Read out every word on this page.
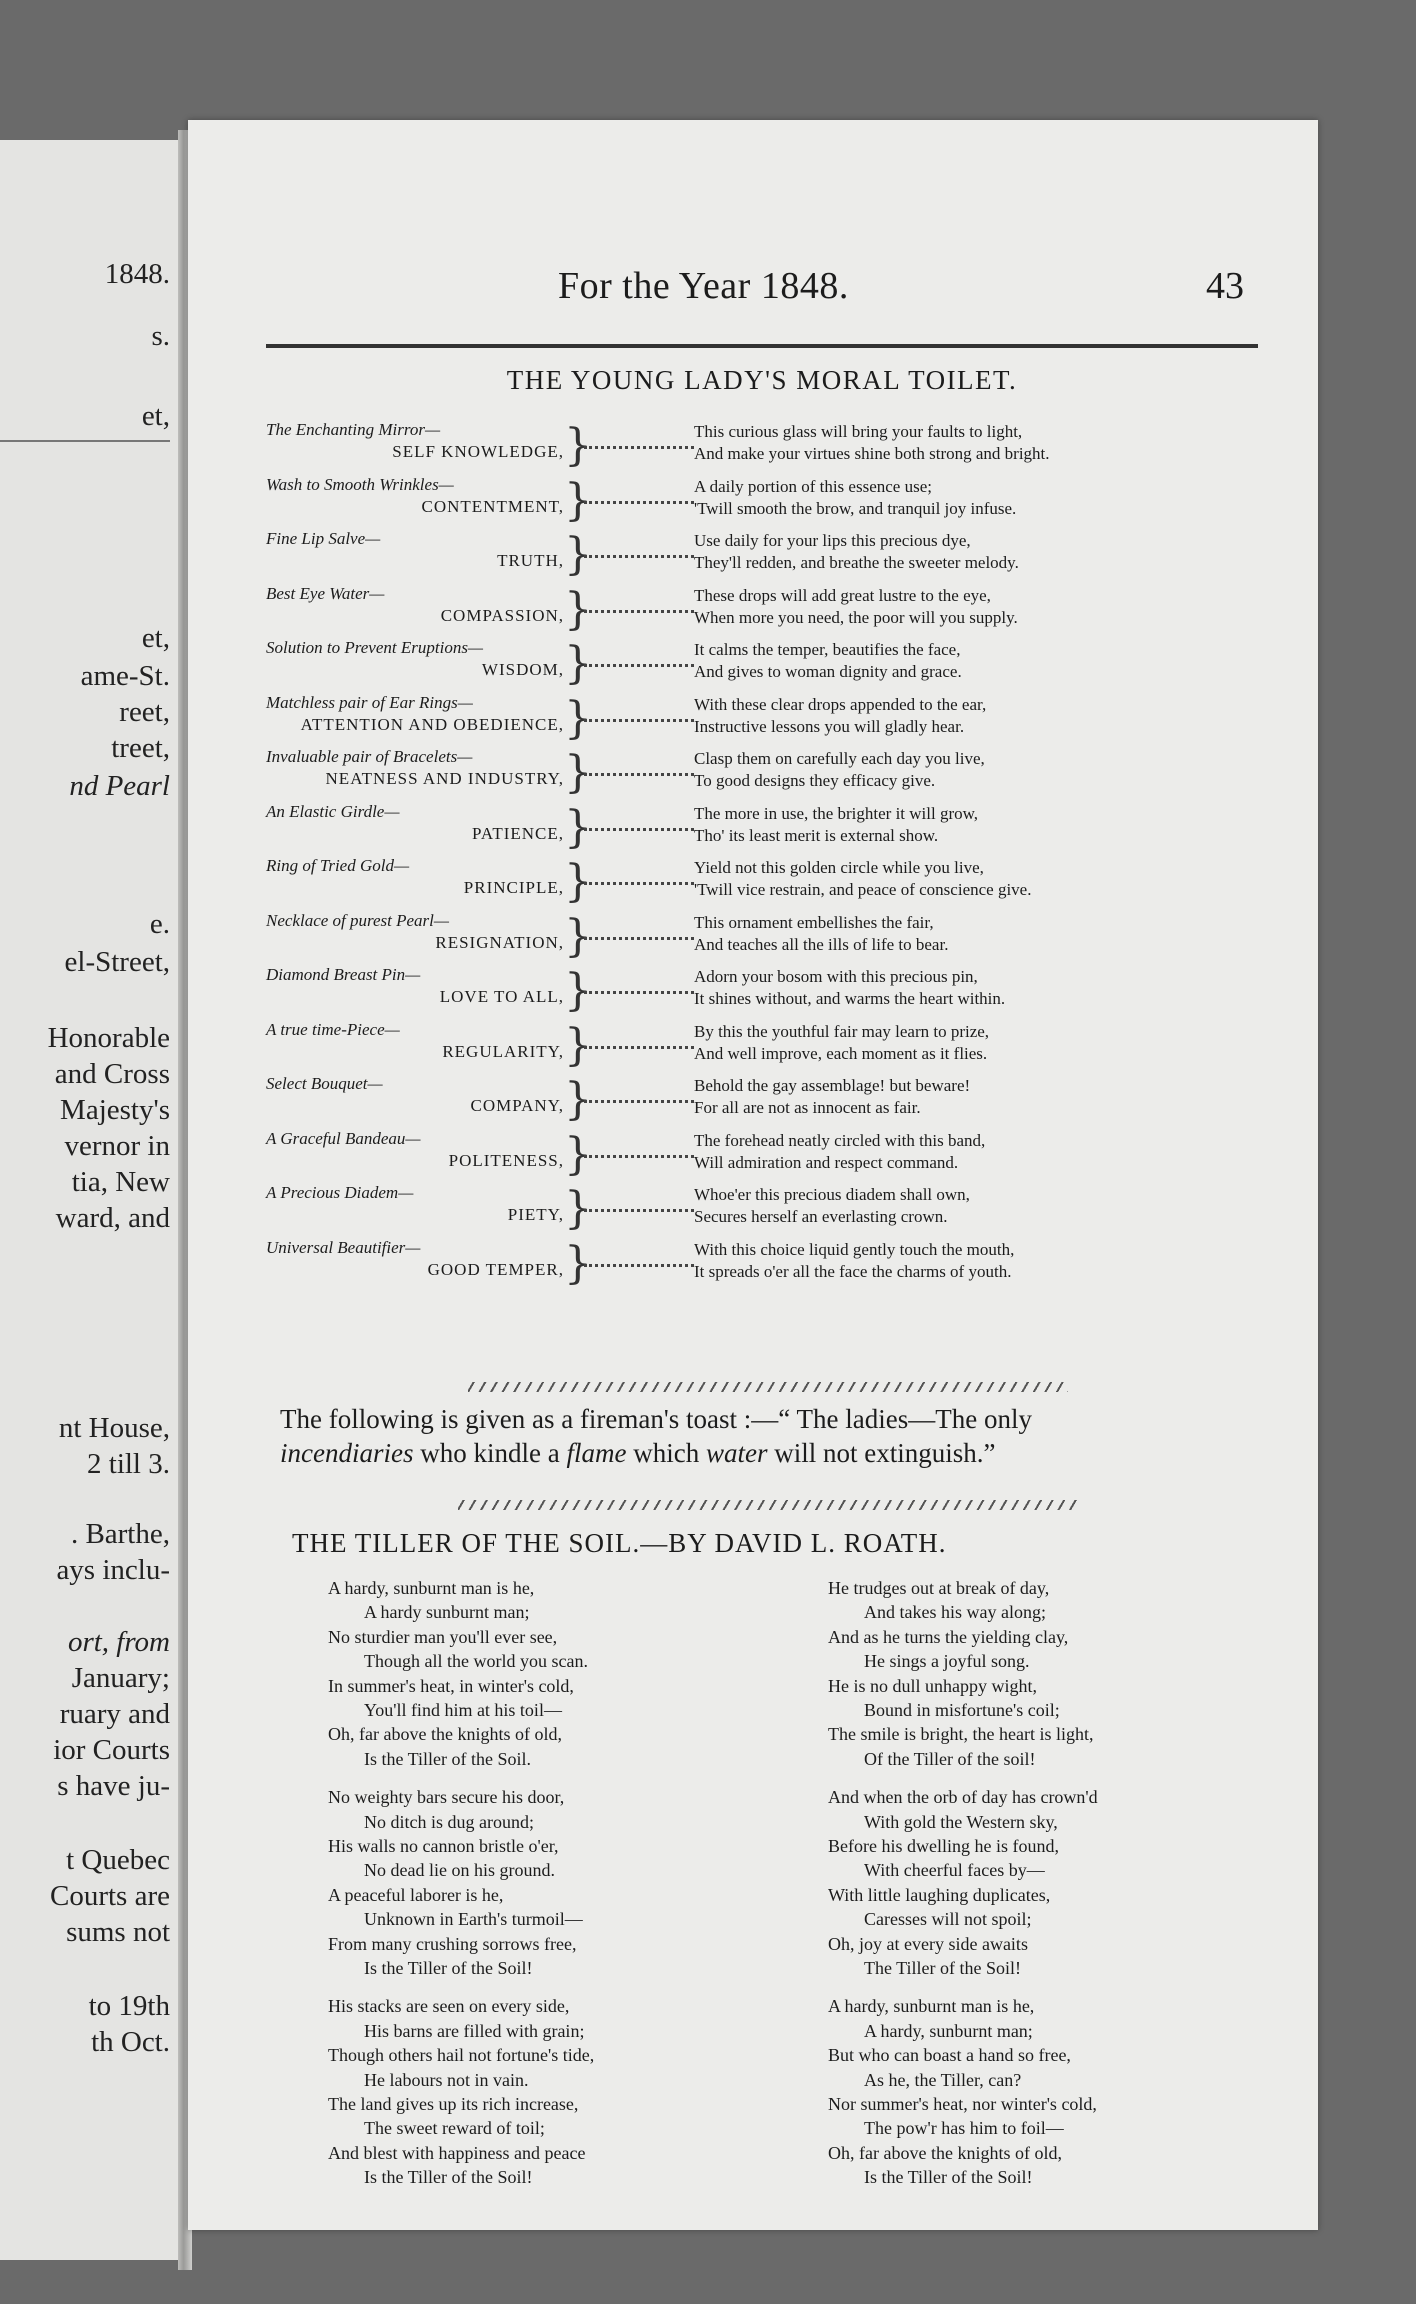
1848.
s.
et,
et,
ame-St.
reet,
treet,
nd Pearl
e.
el-Street,
Honorable
and Cross
Majesty's
vernor in
tia, New
ward, and
nt House,
2 till 3.
. Barthe,
ays inclu-
ort, from
January;
ruary and
ior Courts
s have ju-
t Quebec
Courts are
sums not
to 19th
th Oct.
For the Year 1848.	43
THE YOUNG LADY'S MORAL TOILET.
The Enchanting Mirror—
SELF KNOWLEDGE,
This curious glass will bring your faults to light,
And make your virtues shine both strong and bright.
}
Wash to Smooth Wrinkles—
CONTENTMENT,
A daily portion of this essence use;
'Twill smooth the brow, and tranquil joy infuse.
}
Fine Lip Salve—
TRUTH,
Use daily for your lips this precious dye,
They'll redden, and breathe the sweeter melody.
}
Best Eye Water—
COMPASSION,
These drops will add great lustre to the eye,
When more you need, the poor will you supply.
}
Solution to Prevent Eruptions—
WISDOM,
It calms the temper, beautifies the face,
And gives to woman dignity and grace.
}
Matchless pair of Ear Rings—
ATTENTION AND OBEDIENCE,
With these clear drops appended to the ear,
Instructive lessons you will gladly hear.
}
Invaluable pair of Bracelets—
NEATNESS AND INDUSTRY,
Clasp them on carefully each day you live,
To good designs they efficacy give.
}
An Elastic Girdle—
PATIENCE,
The more in use, the brighter it will grow,
Tho' its least merit is external show.
}
Ring of Tried Gold—
PRINCIPLE,
Yield not this golden circle while you live,
'Twill vice restrain, and peace of conscience give.
}
Necklace of purest Pearl—
RESIGNATION,
This ornament embellishes the fair,
And teaches all the ills of life to bear.
}
Diamond Breast Pin—
LOVE TO ALL,
Adorn your bosom with this precious pin,
It shines without, and warms the heart within.
}
A true time-Piece—
REGULARITY,
By this the youthful fair may learn to prize,
And well improve, each moment as it flies.
}
Select Bouquet—
COMPANY,
Behold the gay assemblage! but beware!
For all are not as innocent as fair.
}
A Graceful Bandeau—
POLITENESS,
The forehead neatly circled with this band,
Will admiration and respect command.
}
A Precious Diadem—
PIETY,
Whoe'er this precious diadem shall own,
Secures herself an everlasting crown.
}
Universal Beautifier—
GOOD TEMPER,
With this choice liquid gently touch the mouth,
It spreads o'er all the face the charms of youth.
}
The following is given as a fireman's toast :—“ The ladies—The only
incendiaries who kindle a flame which water will not extinguish.”
THE TILLER OF THE SOIL.—BY DAVID L. ROATH.
A hardy, sunburnt man is he,
A hardy sunburnt man;
No sturdier man you'll ever see,
Though all the world you scan.
In summer's heat, in winter's cold,
You'll find him at his toil—
Oh, far above the knights of old,
Is the Tiller of the Soil.
No weighty bars secure his door,
No ditch is dug around;
His walls no cannon bristle o'er,
No dead lie on his ground.
A peaceful laborer is he,
Unknown in Earth's turmoil—
From many crushing sorrows free,
Is the Tiller of the Soil!
His stacks are seen on every side,
His barns are filled with grain;
Though others hail not fortune's tide,
He labours not in vain.
The land gives up its rich increase,
The sweet reward of toil;
And blest with happiness and peace
Is the Tiller of the Soil!
He trudges out at break of day,
And takes his way along;
And as he turns the yielding clay,
He sings a joyful song.
He is no dull unhappy wight,
Bound in misfortune's coil;
The smile is bright, the heart is light,
Of the Tiller of the soil!
And when the orb of day has crown'd
With gold the Western sky,
Before his dwelling he is found,
With cheerful faces by—
With little laughing duplicates,
Caresses will not spoil;
Oh, joy at every side awaits
The Tiller of the Soil!
A hardy, sunburnt man is he,
A hardy, sunburnt man;
But who can boast a hand so free,
As he, the Tiller, can?
Nor summer's heat, nor winter's cold,
The pow'r has him to foil—
Oh, far above the knights of old,
Is the Tiller of the Soil!
